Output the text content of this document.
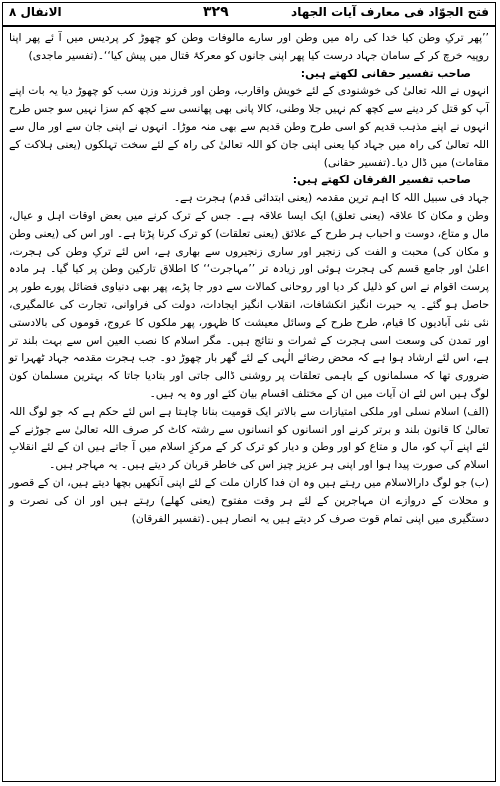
الانفال ۸	۳۲۹	فتح الجوّاد فی معارف آیات الجهاد

’’پھر ترکِ وطن کیا خدا کی راہ میں وطن اور سارے مالوفات وطن کو چھوڑ کر پردیس میں آ ئے پھر اپنا روپیہ خرچ کر کے سامان جہاد درست کیا پھر اپنی جانوں کو معرکۂ قتال میں پیش کیا‘‘۔(تفسیر ماجدی)

صاحب تفسیر حقانی لکھتے ہیں:

انہوں نے اللہ تعالیٰ کی خوشنودی کے لئے خویش واقارب، وطن اور فرزند وزن سب کو چھوڑ دیا یہ بات اپنے آپ کو قتل کر دینے سے کچھ کم نہیں جلا وطنی، کالا پانی بھی پھانسی سے کچھ کم سزا نہیں سو جس طرح انہوں نے اپنے مذہب قدیم کو اسی طرح وطن قدیم سے بھی منہ موڑا۔ انہوں نے اپنی جان سے اور مال سے اللہ تعالیٰ کی راہ میں جہاد کیا یعنی اپنی جان کو اللہ تعالیٰ کی راہ کے لئے سخت تہلکوں (یعنی ہلاکت کے مقامات) میں ڈال دیا۔(تفسیر حقانی)

صاحب تفسیر الفرقان لکھتے ہیں:

جہاد فی سبیل اللہ کا اہم ترین مقدمہ (یعنی ابتدائی قدم) ہجرت ہے۔

وطن و مکان کا علاقہ (یعنی تعلق) ایک ایسا علاقہ ہے۔ جس کے ترک کرنے میں بعض اوقات اہل و عیال، مال و متاع، دوست و احباب ہر طرح کے علائق (یعنی تعلقات) کو ترک کرنا پڑتا ہے۔ اور اس کی (یعنی وطن و مکان کی) محبت و الفت کی زنجیر اور ساری زنجیروں سے بھاری ہے، اس لئے ترکِ وطن کی ہجرت، اعلیٰ اور جامع قسم کی ہجرت ہوئی اور زیادہ تر ’’مہاجرت‘‘ کا اطلاق تارکین وطن پر کیا گیا۔ ہر مادہ پرست اقوام نے اس کو ذلیل کر دیا اور روحانی کمالات سے دور جا پڑے، پھر بھی دنیاوی فضائل پورے طور پر حاصل ہو گئے۔ یہ حیرت انگیز انکشافات، انقلاب انگیز ایجادات، دولت کی فراوانی، تجارت کی عالمگیری، نئی نئی آبادیوں کا قیام، طرح طرح کے وسائل معیشت کا ظہور، پھر ملکوں کا عروج، قوموں کی بالادستی اور تمدن کی وسعت اسی ہجرت کے ثمرات و نتائج ہیں۔ مگر اسلام کا نصب العین اس سے بہت بلند تر ہے، اس لئے ارشاد ہوا ہے کہ محض رضائے الٰہی کے لئے گھر بار چھوڑ دو۔ جب ہجرت مقدمہ جہاد ٹھہرا تو ضروری تھا کہ مسلمانوں کے باہمی تعلقات پر روشنی ڈالی جاتی اور بتادیا جاتا کہ بہترین مسلمان کون لوگ ہیں اس لئے ان آیات میں ان کے مختلف اقسام بیان کئے اور وہ یہ ہیں۔

(الف) اسلام نسلی اور ملکی امتیازات سے بالاتر ایک قومیت بنانا چاہتا ہے اس لئے حکم ہے کہ جو لوگ اللہ تعالیٰ کا قانون بلند و برتر کرنے اور انسانوں کو انسانوں سے رشتہ کاٹ کر صرف اللہ تعالیٰ سے جوڑنے کے لئے اپنے آپ کو، مال و متاع کو اور وطن و دیار کو ترک کر کے مرکزِ اسلام میں آ جاتے ہیں ان کے لئے انقلابِ اسلام کی صورت پیدا ہوا اور اپنی ہر عزیز چیز اس کی خاطر قربان کر دیتے ہیں۔ یہ مہاجر ہیں۔

(ب) جو لوگ دارالاسلام میں رہتے ہیں وہ ان فدا کاران ملت کے لئے اپنی آنکھیں بچھا دیتے ہیں، ان کے قصور و محلات کے دروازے ان مہاجرین کے لئے ہر وقت مفتوح (یعنی کھلے) رہتے ہیں اور ان کی نصرت و دستگیری میں اپنی تمام قوت صرف کر دیتے ہیں یہ انصار ہیں۔(تفسیر الفرقان)
